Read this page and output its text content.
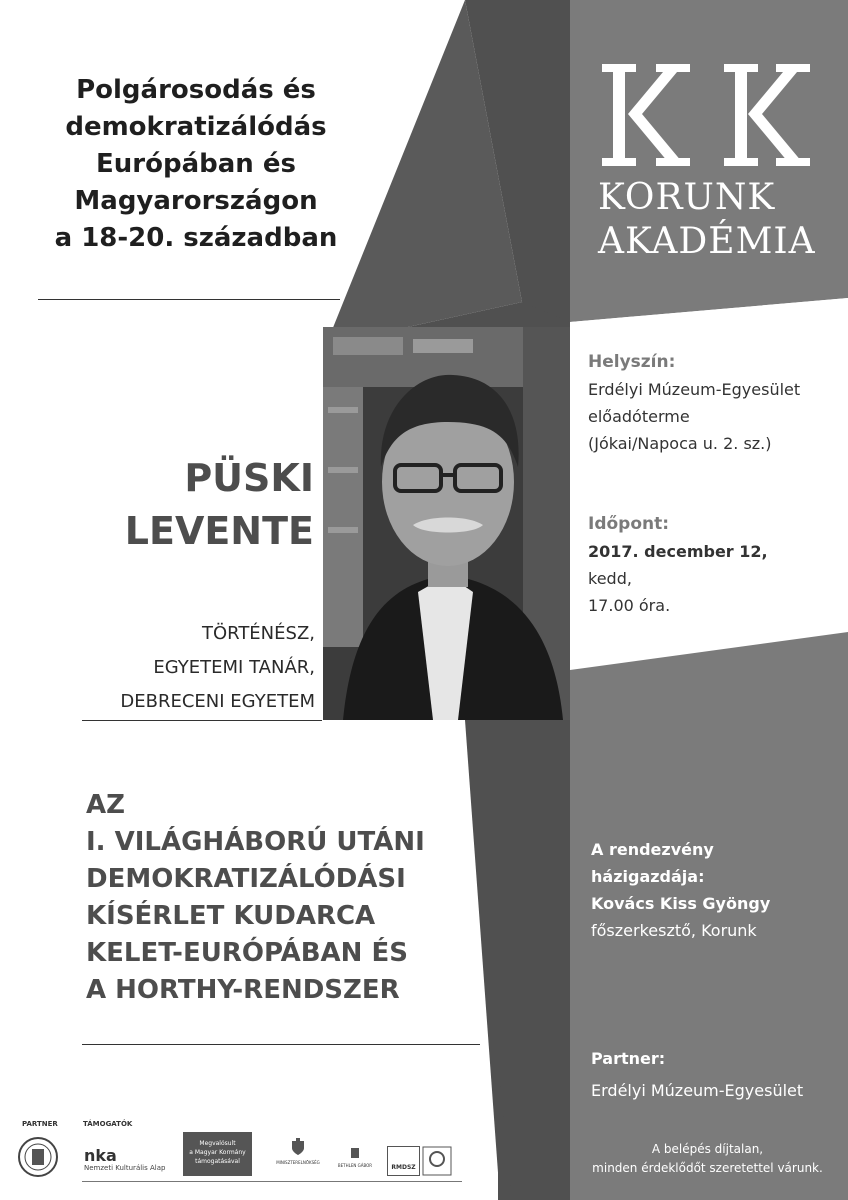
Polgárosodás és
demokratizálódás
Európában és
Magyarországon
a 18-20. században
KORUNK
AKADÉMIA
PÜSKI
LEVENTE
TÖRTÉNÉSZ,
EGYETEMI TANÁR,
DEBRECENI EGYETEM
AZ
I. VILÁGHÁBORÚ UTÁNI
DEMOKRATIZÁLÓDÁSI
KÍSÉRLET KUDARCA
KELET-EURÓPÁBAN ÉS
A HORTHY-RENDSZER
Helyszín:
Erdélyi Múzeum-Egyesület
előadóterme
(Jókai/Napoca u. 2. sz.)
Időpont:
2017. december 12,
kedd,
17.00 óra.
A rendezvény házigazdája:
Kovács Kiss Gyöngy
főszerkesztő, Korunk
Partner:
Erdélyi Múzeum-Egyesület
A belépés díjtalan,
minden érdeklődőt szeretettel várunk.
PARTNER	TÁMOGATÓK
nka
Nemzeti Kulturális Alap
Megvalósult
a Magyar Kormány
támogatásával	MINISZTERELNÖKSÉG
BETHLEN GÁBOR	RMDSZ
